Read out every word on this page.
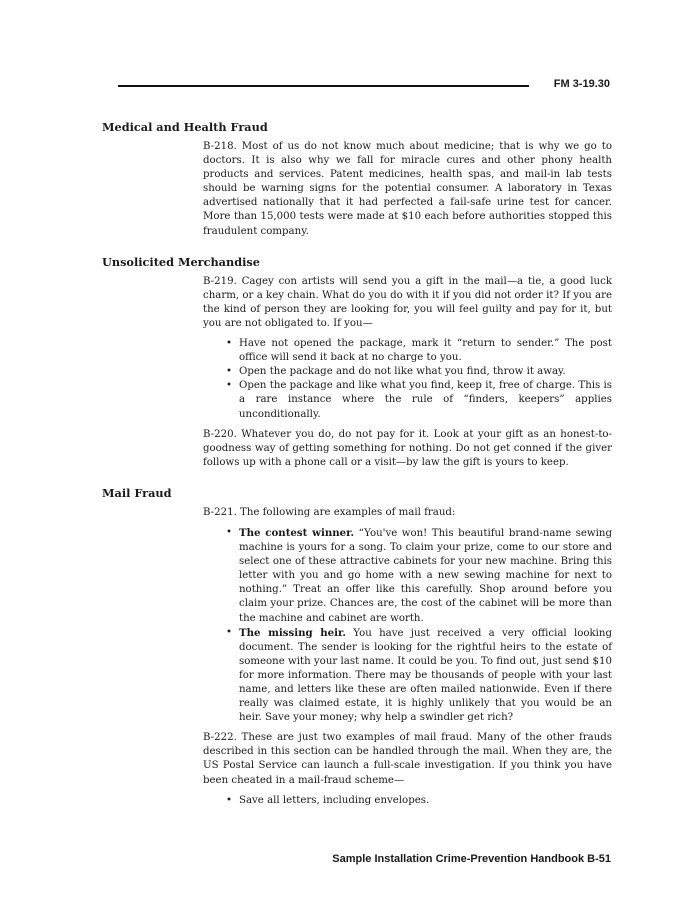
FM 3-19.30
Medical and Health Fraud

B-218. Most of us do not know much about medicine; that is why we go to doctors. It is also why we fall for miracle cures and other phony health products and services. Patent medicines, health spas, and mail-in lab tests should be warning signs for the potential consumer. A laboratory in Texas advertised nationally that it had perfected a fail-safe urine test for cancer. More than 15,000 tests were made at $10 each before authorities stopped this fraudulent company.

Unsolicited Merchandise

B-219. Cagey con artists will send you a gift in the mail—a tie, a good luck charm, or a key chain. What do you do with it if you did not order it? If you are the kind of person they are looking for, you will feel guilty and pay for it, but you are not obligated to. If you—

• Have not opened the package, mark it “return to sender.” The post office will send it back at no charge to you.
• Open the package and do not like what you find, throw it away.
• Open the package and like what you find, keep it, free of charge. This is a rare instance where the rule of “finders, keepers” applies unconditionally.

B-220. Whatever you do, do not pay for it. Look at your gift as an honest-to-goodness way of getting something for nothing. Do not get conned if the giver follows up with a phone call or a visit—by law the gift is yours to keep.

Mail Fraud

B-221. The following are examples of mail fraud:

• The contest winner. “You've won! This beautiful brand-name sewing machine is yours for a song. To claim your prize, come to our store and select one of these attractive cabinets for your new machine. Bring this letter with you and go home with a new sewing machine for next to nothing.” Treat an offer like this carefully. Shop around before you claim your prize. Chances are, the cost of the cabinet will be more than the machine and cabinet are worth.
• The missing heir. You have just received a very official looking document. The sender is looking for the rightful heirs to the estate of someone with your last name. It could be you. To find out, just send $10 for more information. There may be thousands of people with your last name, and letters like these are often mailed nationwide. Even if there really was claimed estate, it is highly unlikely that you would be an heir. Save your money; why help a swindler get rich?

B-222. These are just two examples of mail fraud. Many of the other frauds described in this section can be handled through the mail. When they are, the US Postal Service can launch a full-scale investigation. If you think you have been cheated in a mail-fraud scheme—

• Save all letters, including envelopes.
Sample Installation Crime-Prevention Handbook B-51
